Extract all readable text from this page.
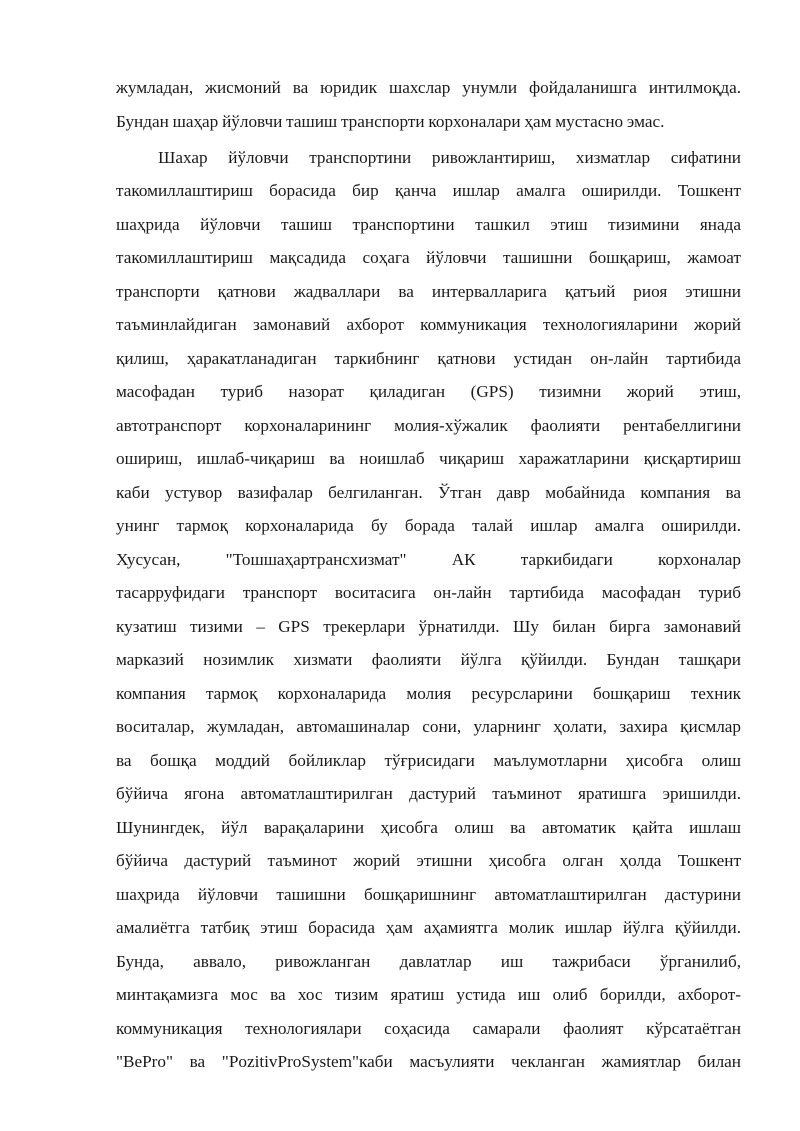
жумладан, жисмоний ва юридик шахслар унумли фойдаланишга интилмоқда.
Бундан шаҳар йўловчи ташиш транспорти корхоналари ҳам мустасно эмас.
Шахар йўловчи транспортини ривожлантириш, хизматлар сифатини
такомиллаштириш борасида бир қанча ишлар амалга оширилди. Тошкент
шаҳрида йўловчи ташиш транспортини ташкил этиш тизимини янада
такомиллаштириш мақсадида соҳага йўловчи ташишни бошқариш, жамоат
транспорти қатнови жадваллари ва интервалларига қатъий риоя этишни
таъминлайдиган замонавий ахборот коммуникация технологияларини жорий
қилиш, ҳаракатланадиган таркибнинг қатнови устидан он-лайн тартибида
масофадан туриб назорат қиладиган (GPS) тизимни жорий этиш,
автотранспорт корхоналарининг молия-хўжалик фаолияти рентабеллигини
ошириш, ишлаб-чиқариш ва ноишлаб чиқариш харажатларини қисқартириш
каби устувор вазифалар белгиланган. Ўтган давр мобайнида компания ва
унинг тармоқ корхоналарида бу борада талай ишлар амалга оширилди.
Хусусан, "Тошшаҳартрансхизмат" АК таркибидаги корхоналар
тасарруфидаги транспорт воситасига он-лайн тартибида масофадан туриб
кузатиш тизими – GPS трекерлари ўрнатилди. Шу билан бирга замонавий
марказий нозимлик хизмати фаолияти йўлга қўйилди. Бундан ташқари
компания тармоқ корхоналарида молия ресурсларини бошқариш техник
воситалар, жумладан, автомашиналар сони, уларнинг ҳолати, захира қисмлар
ва бошқа моддий бойликлар тўғрисидаги маълумотларни ҳисобга олиш
бўйича ягона автоматлаштирилган дастурий таъминот яратишга эришилди.
Шунингдек, йўл варақаларини ҳисобга олиш ва автоматик қайта ишлаш
бўйича дастурий таъминот жорий этишни ҳисобга олган ҳолда Тошкент
шаҳрида йўловчи ташишни бошқаришнинг автоматлаштирилган дастурини
амалиётга татбиқ этиш борасида ҳам аҳамиятга молик ишлар йўлга қўйилди.
Бунда, аввало, ривожланган давлатлар иш тажрибаси ўрганилиб,
минтақамизга мос ва хос тизим яратиш устида иш олиб борилди, ахборот-
коммуникация технологиялари соҳасида самарали фаолият кўрсатаётган
"BePro" ва "PozitivProSystem"каби масъулияти чекланган жамиятлар билан
